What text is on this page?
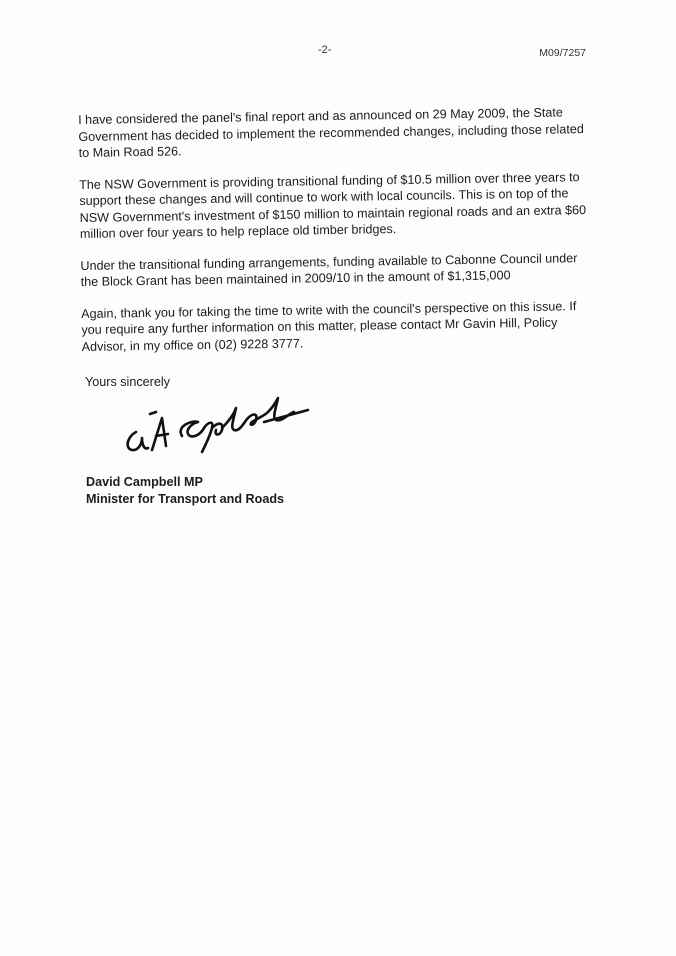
-2-	M09/7257

I have considered the panel's final report and as announced on 29 May 2009, the State Government has decided to implement the recommended changes, including those related to Main Road 526.

The NSW Government is providing transitional funding of $10.5 million over three years to support these changes and will continue to work with local councils. This is on top of the NSW Government's investment of $150 million to maintain regional roads and an extra $60 million over four years to help replace old timber bridges.

Under the transitional funding arrangements, funding available to Cabonne Council under the Block Grant has been maintained in 2009/10 in the amount of $1,315,000

Again, thank you for taking the time to write with the council's perspective on this issue. If you require any further information on this matter, please contact Mr Gavin Hill, Policy Advisor, in my office on (02) 9228 3777.

Yours sincerely
David Campbell MP
Minister for Transport and Roads
